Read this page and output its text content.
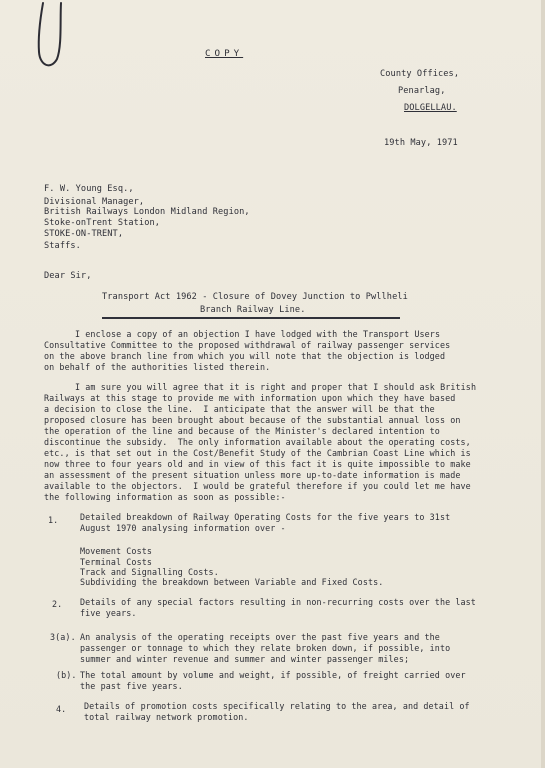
COPY
County Offices,
Penarlag,
DOLGELLAU.
19th May, 1971
F. W. Young Esq.,
Divisional Manager,
British Railways London Midland Region,
Stoke-onTrent Station,
STOKE-ON-TRENT,
Staffs.
Dear Sir,
Transport Act 1962 - Closure of Dovey Junction to Pwllheli
Branch Railway Line.
I enclose a copy of an objection I have lodged with the Transport Users
Consultative Committee to the proposed withdrawal of railway passenger services
on the above branch line from which you will note that the objection is lodged
on behalf of the authorities listed therein.
I am sure you will agree that it is right and proper that I should ask British
Railways at this stage to provide me with information upon which they have based
a decision to close the line.  I anticipate that the answer will be that the
proposed closure has been brought about because of the substantial annual loss on
the operation of the line and because of the Minister's declared intention to
discontinue the subsidy.  The only information available about the operating costs,
etc., is that set out in the Cost/Benefit Study of the Cambrian Coast Line which is
now three to four years old and in view of this fact it is quite impossible to make
an assessment of the present situation unless more up-to-date information is made
available to the objectors.  I would be grateful therefore if you could let me have
the following information as soon as possible:-
1.	Detailed breakdown of Railway Operating Costs for the five years to 31st
August 1970 analysing information over -
Movement Costs
Terminal Costs
Track and Signalling Costs.
Subdividing the breakdown between Variable and Fixed Costs.
2. Details of any special factors resulting in non-recurring costs over the last
five years.
3(a). An analysis of the operating receipts over the past five years and the
passenger or tonnage to which they relate broken down, if possible, into
summer and winter revenue and summer and winter passenger miles;
(b). The total amount by volume and weight, if possible, of freight carried over
the past five years.
4. Details of promotion costs specifically relating to the area, and detail of
total railway network promotion.
